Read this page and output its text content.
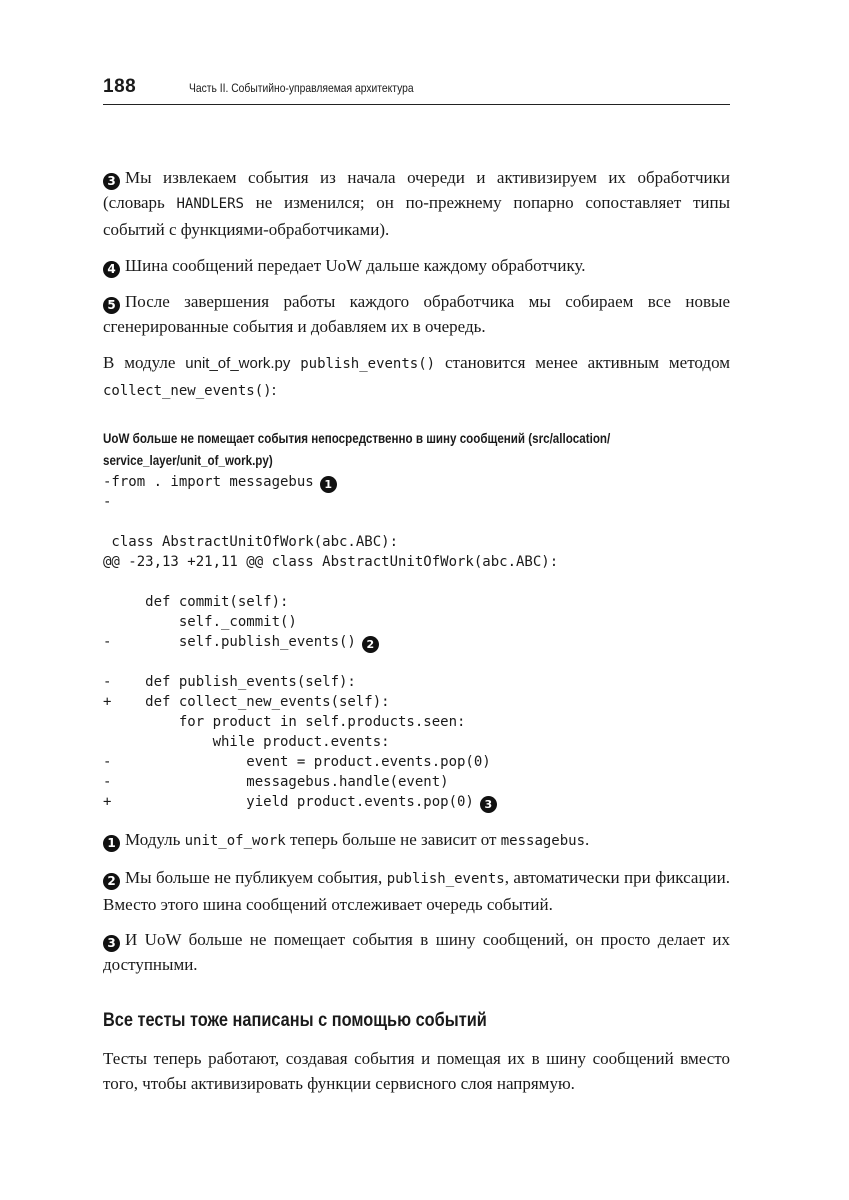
188	Часть II. Событийно-управляемая архитектура

3 Мы извлекаем события из начала очереди и активизируем их обработчики (словарь HANDLERS не изменился; он по-прежнему попарно сопоставляет типы событий с функциями-обработчиками).

4 Шина сообщений передает UoW дальше каждому обработчику.

5 После завершения работы каждого обработчика мы собираем все новые сгенерированные события и добавляем их в очередь.

В модуле unit_of_work.py publish_events() становится менее активным методом collect_new_events():

UoW больше не помещает события непосредственно в шину сообщений (src/allocation/
service_layer/unit_of_work.py)
-from . import messagebus 1
-
class AbstractUnitOfWork(abc.ABC):
@@ -23,13 +21,11 @@ class AbstractUnitOfWork(abc.ABC):
def commit(self):
self._commit()
-        self.publish_events() 2
-    def publish_events(self):
+    def collect_new_events(self):
for product in self.products.seen:
while product.events:
-                event = product.events.pop(0)
-                messagebus.handle(event)
+                yield product.events.pop(0) 3

1 Модуль unit_of_work теперь больше не зависит от messagebus.

2 Мы больше не публикуем события, publish_events, автоматически при фиксации. Вместо этого шина сообщений отслеживает очередь событий.

3 И UoW больше не помещает события в шину сообщений, он просто делает их доступными.

Все тесты тоже написаны с помощью событий

Тесты теперь работают, создавая события и помещая их в шину сообщений вместо того, чтобы активизировать функции сервисного слоя напрямую.
